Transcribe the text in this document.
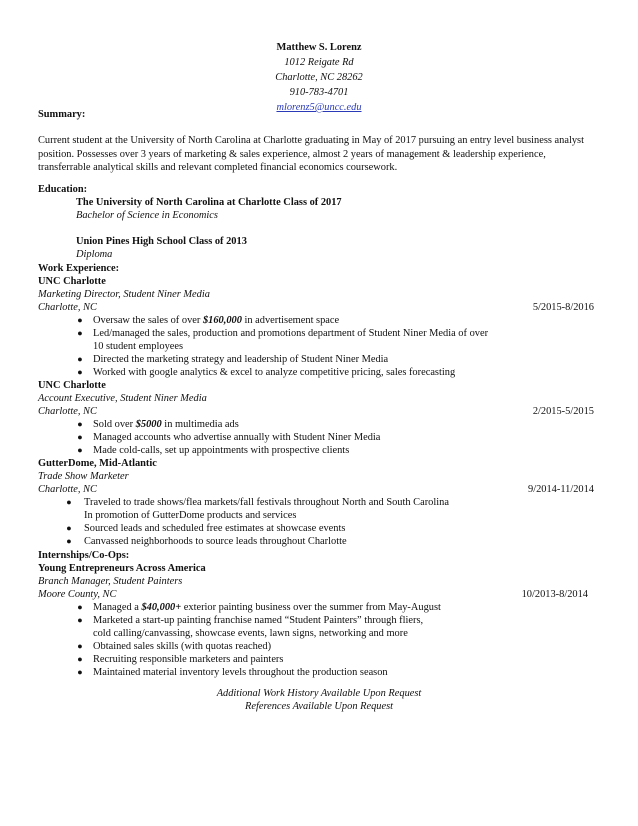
Matthew S. Lorenz
1012 Reigate Rd
Charlotte, NC 28262
910-783-4701
mlorenz5@uncc.edu
Summary:
Current student at the University of North Carolina at Charlotte graduating in May of 2017 pursuing an entry level business analyst position. Possesses over 3 years of marketing & sales experience, almost 2 years of management & leadership experience, transferrable analytical skills and relevant completed financial economics coursework.
Education:
The University of North Carolina at Charlotte Class of 2017
Bachelor of Science in Economics
Union Pines High School Class of 2013
Diploma
Work Experience:
UNC Charlotte
Marketing Director, Student Niner Media
Charlotte, NC	5/2015-8/2016
● Oversaw the sales of over $160,000 in advertisement space
● Led/managed the sales, production and promotions department of Student Niner Media of over
10 student employees
● Directed the marketing strategy and leadership of Student Niner Media
● Worked with google analytics & excel to analyze competitive pricing, sales forecasting
UNC Charlotte
Account Executive, Student Niner Media
Charlotte, NC	2/2015-5/2015
● Sold over $5000 in multimedia ads
● Managed accounts who advertise annually with Student Niner Media
● Made cold-calls, set up appointments with prospective clients
GutterDome, Mid-Atlantic
Trade Show Marketer
Charlotte, NC	9/2014-11/2014
● Traveled to trade shows/flea markets/fall festivals throughout North and South Carolina
In promotion of GutterDome products and services
● Sourced leads and scheduled free estimates at showcase events
● Canvassed neighborhoods to source leads throughout Charlotte
Internships/Co-Ops:
Young Entrepreneurs Across America
Branch Manager, Student Painters
Moore County, NC	10/2013-8/2014
● Managed a $40,000+ exterior painting business over the summer from May-August
● Marketed a start-up painting franchise named “Student Painters” through fliers,
cold calling/canvassing, showcase events, lawn signs, networking and more
● Obtained sales skills (with quotas reached)
● Recruiting responsible marketers and painters
● Maintained material inventory levels throughout the production season
Additional Work History Available Upon Request
References Available Upon Request
